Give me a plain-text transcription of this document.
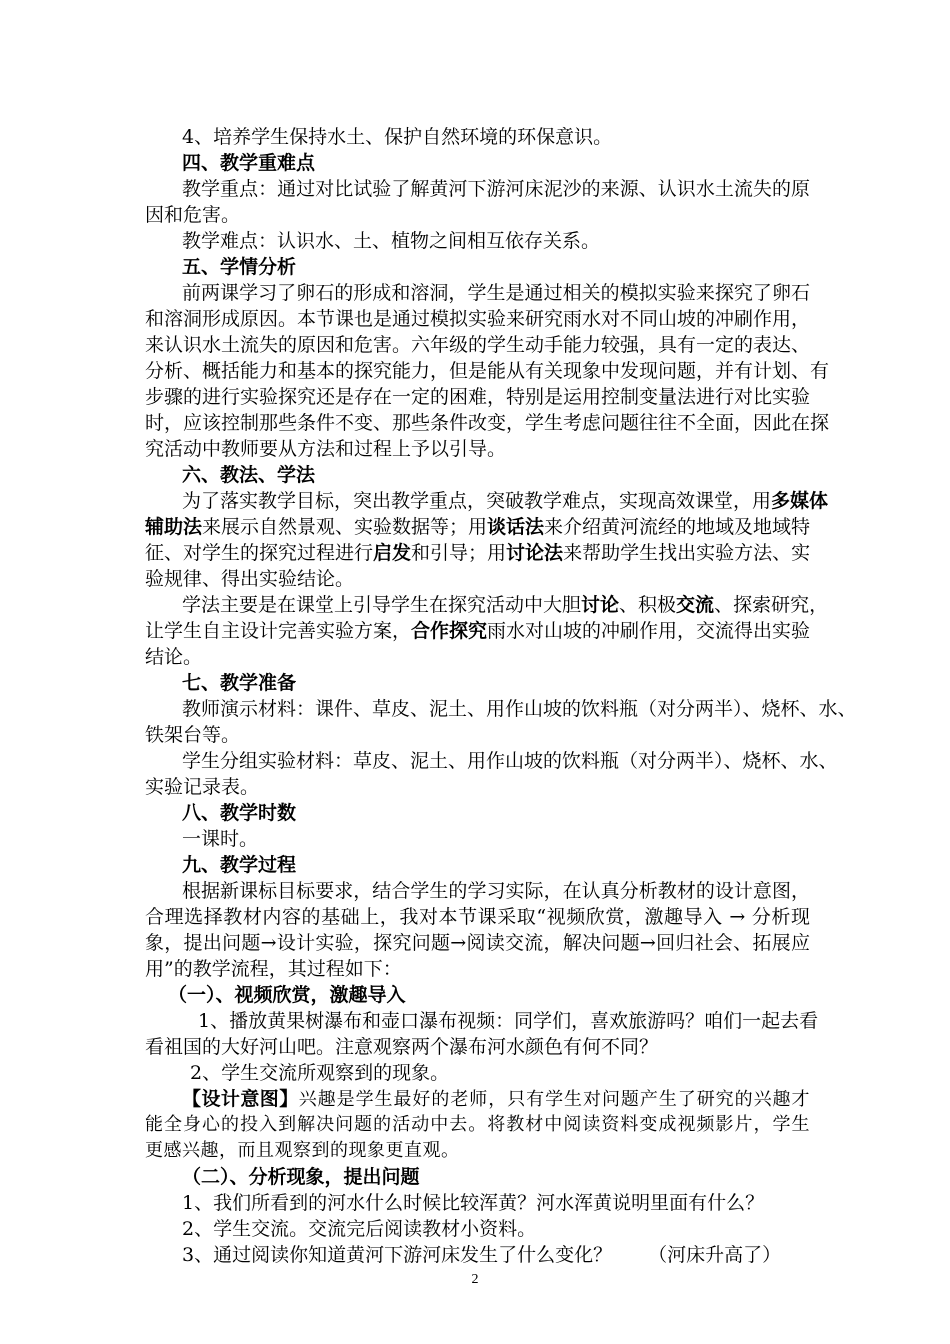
4、培养学生保持水土、保护自然环境的环保意识。
四、教学重难点
教学重点：通过对比试验了解黄河下游河床泥沙的来源、认识水土流失的原
因和危害。
教学难点：认识水、土、植物之间相互依存关系。
五、学情分析
前两课学习了卵石的形成和溶洞，学生是通过相关的模拟实验来探究了卵石
和溶洞形成原因。本节课也是通过模拟实验来研究雨水对不同山坡的冲刷作用，
来认识水土流失的原因和危害。六年级的学生动手能力较强，具有一定的表达、
分析、概括能力和基本的探究能力，但是能从有关现象中发现问题，并有计划、有
步骤的进行实验探究还是存在一定的困难，特别是运用控制变量法进行对比实验
时，应该控制那些条件不变、那些条件改变，学生考虑问题往往不全面，因此在探
究活动中教师要从方法和过程上予以引导。
六、教法、学法
为了落实教学目标，突出教学重点，突破教学难点，实现高效课堂，用多媒体
辅助法来展示自然景观、实验数据等；用谈话法来介绍黄河流经的地域及地域特
征、对学生的探究过程进行启发和引导；用讨论法来帮助学生找出实验方法、实
验规律、得出实验结论。
学法主要是在课堂上引导学生在探究活动中大胆讨论、积极交流、探索研究，
让学生自主设计完善实验方案，合作探究雨水对山坡的冲刷作用，交流得出实验
结论。
七、教学准备
教师演示材料：课件、草皮、泥土、用作山坡的饮料瓶（对分两半）、烧杯、水、
铁架台等。
学生分组实验材料：草皮、泥土、用作山坡的饮料瓶（对分两半）、烧杯、水、
实验记录表。
八、教学时数
一课时。
九、教学过程
根据新课标目标要求，结合学生的学习实际，在认真分析教材的设计意图，
合理选择教材内容的基础上，我对本节课采取“视频欣赏，激趣导入 → 分析现
象，提出问题→设计实验，探究问题→阅读交流，解决问题→回归社会、拓展应
用”的教学流程，其过程如下：
（一）、视频欣赏，激趣导入
1、播放黄果树瀑布和壶口瀑布视频：同学们，喜欢旅游吗？咱们一起去看
看祖国的大好河山吧。注意观察两个瀑布河水颜色有何不同？
2、学生交流所观察到的现象。
【设计意图】兴趣是学生最好的老师，只有学生对问题产生了研究的兴趣才
能全身心的投入到解决问题的活动中去。将教材中阅读资料变成视频影片，学生
更感兴趣，而且观察到的现象更直观。
（二）、分析现象，提出问题
1、我们所看到的河水什么时候比较浑黄？河水浑黄说明里面有什么？
2、学生交流。交流完后阅读教材小资料。
3、通过阅读你知道黄河下游河床发生了什么变化？ （河床升高了）
2
